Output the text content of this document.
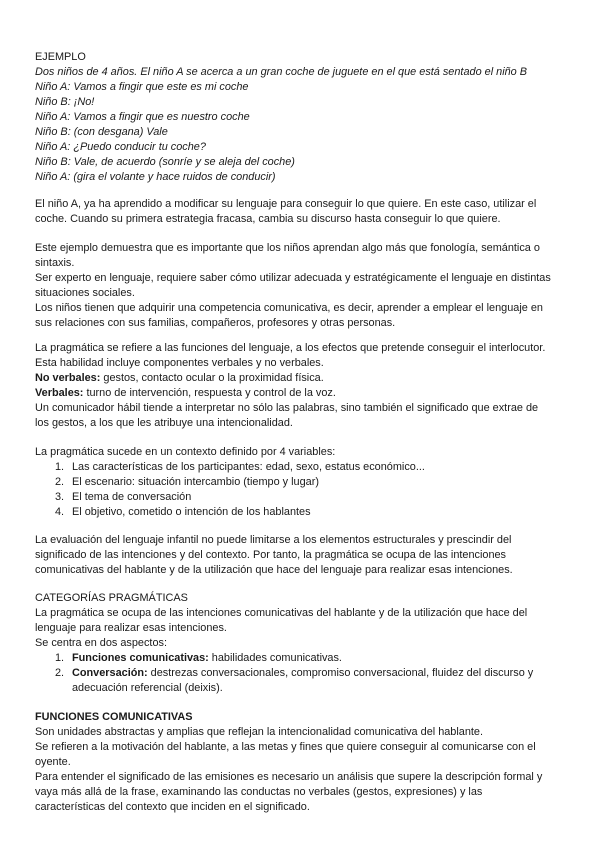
EJEMPLO
Dos niños de 4 años. El niño A se acerca a un gran coche de juguete en el que está sentado el niño B
Niño A: Vamos a fingir que este es mi coche
Niño B: ¡No!
Niño A: Vamos a fingir que es nuestro coche
Niño B: (con desgana) Vale
Niño A: ¿Puedo conducir tu coche?
Niño B: Vale, de acuerdo (sonríe y se aleja del coche)
Niño A: (gira el volante y hace ruidos de conducir)
El niño A, ya ha aprendido a modificar su lenguaje para conseguir lo que quiere. En este caso, utilizar el
coche. Cuando su primera estrategia fracasa, cambia su discurso hasta conseguir lo que quiere.
Este ejemplo demuestra que es importante que los niños aprendan algo más que fonología, semántica o
sintaxis.
Ser experto en lenguaje, requiere saber cómo utilizar adecuada y estratégicamente el lenguaje en distintas
situaciones sociales.
Los niños tienen que adquirir una competencia comunicativa, es decir, aprender a emplear el lenguaje en
sus relaciones con sus familias, compañeros, profesores y otras personas.
La pragmática se refiere a las funciones del lenguaje, a los efectos que pretende conseguir el interlocutor.
Esta habilidad incluye componentes verbales y no verbales.
No verbales: gestos, contacto ocular o la proximidad física.
Verbales: turno de intervención, respuesta y control de la voz.
Un comunicador hábil tiende a interpretar no sólo las palabras, sino también el significado que extrae de
los gestos, a los que les atribuye una intencionalidad.
La pragmática sucede en un contexto definido por 4 variables:
1. Las características de los participantes: edad, sexo, estatus económico...
2. El escenario: situación intercambio (tiempo y lugar)
3. El tema de conversación
4. El objetivo, cometido o intención de los hablantes
La evaluación del lenguaje infantil no puede limitarse a los elementos estructurales y prescindir del
significado de las intenciones y del contexto. Por tanto, la pragmática se ocupa de las intenciones
comunicativas del hablante y de la utilización que hace del lenguaje para realizar esas intenciones.
CATEGORÍAS PRAGMÁTICAS
La pragmática se ocupa de las intenciones comunicativas del hablante y de la utilización que hace del
lenguaje para realizar esas intenciones.
Se centra en dos aspectos:
1. Funciones comunicativas: habilidades comunicativas.
2. Conversación: destrezas conversacionales, compromiso conversacional, fluidez del discurso y
adecuación referencial (deixis).
FUNCIONES COMUNICATIVAS
Son unidades abstractas y amplias que reflejan la intencionalidad comunicativa del hablante.
Se refieren a la motivación del hablante, a las metas y fines que quiere conseguir al comunicarse con el
oyente.
Para entender el significado de las emisiones es necesario un análisis que supere la descripción formal y
vaya más allá de la frase, examinando las conductas no verbales (gestos, expresiones) y las
características del contexto que inciden en el significado.
